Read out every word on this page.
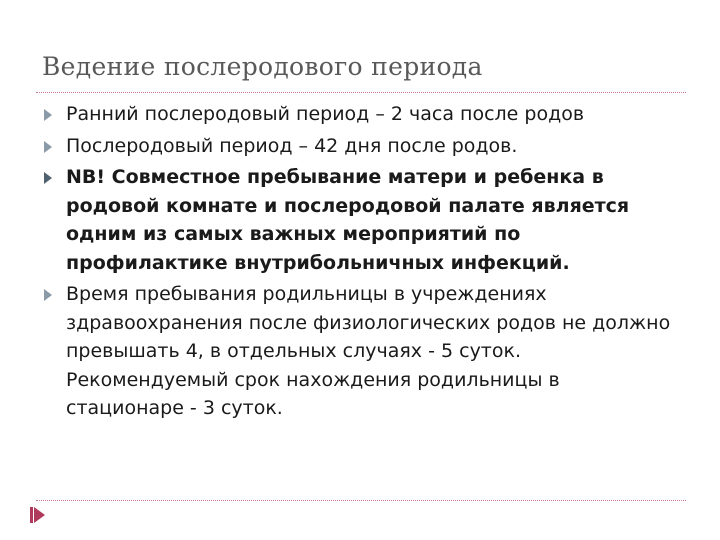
Ведение послеродового периода
Ранний послеродовый период – 2 часа после родов
Послеродовый период – 42 дня после родов.
NB! Совместное пребывание матери и ребенка в родовой комнате и послеродовой палате является одним из самых важных мероприятий по профилактике внутрибольничных инфекций.
Время пребывания родильницы в учреждениях здравоохранения после физиологических родов не должно превышать 4, в отдельных случаях - 5 суток. Рекомендуемый срок нахождения родильницы в стационаре - 3 суток.
